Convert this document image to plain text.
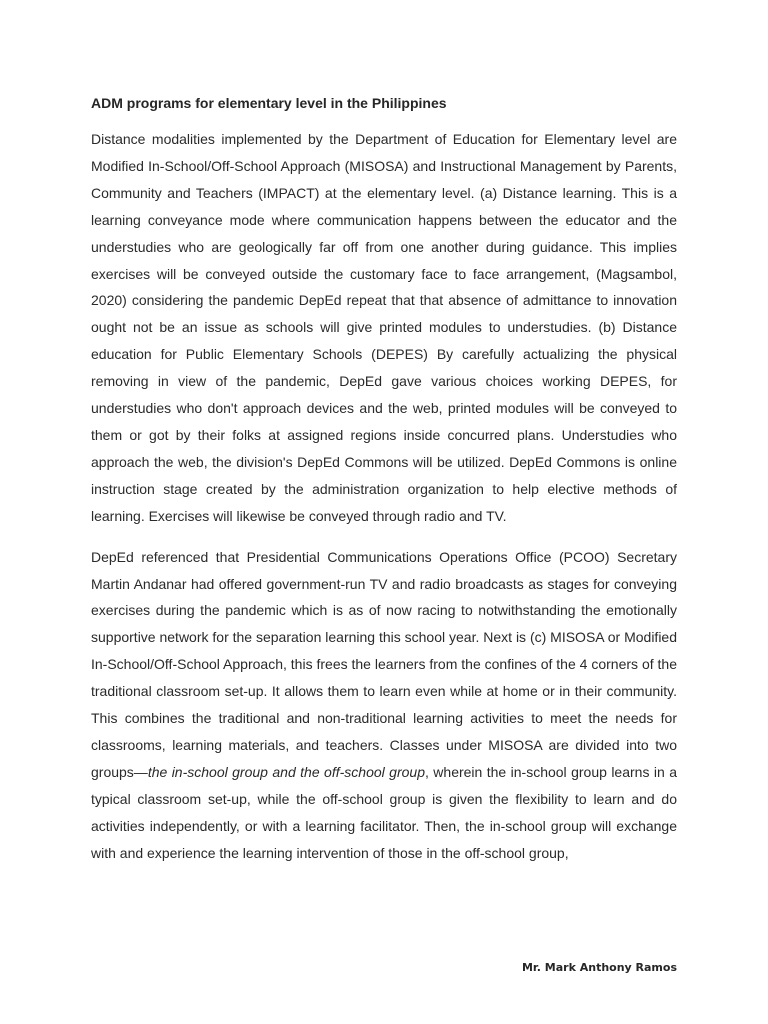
ADM programs for elementary level in the Philippines

Distance modalities implemented by the Department of Education for Elementary level are Modified In-School/Off-School Approach (MISOSA) and Instructional Management by Parents, Community and Teachers (IMPACT) at the elementary level. (a) Distance learning. This is a learning conveyance mode where communication happens between the educator and the understudies who are geologically far off from one another during guidance. This implies exercises will be conveyed outside the customary face to face arrangement, (Magsambol, 2020) considering the pandemic DepEd repeat that that absence of admittance to innovation ought not be an issue as schools will give printed modules to understudies. (b) Distance education for Public Elementary Schools (DEPES) By carefully actualizing the physical removing in view of the pandemic, DepEd gave various choices working DEPES, for understudies who don't approach devices and the web, printed modules will be conveyed to them or got by their folks at assigned regions inside concurred plans. Understudies who approach the web, the division's DepEd Commons will be utilized. DepEd Commons is online instruction stage created by the administration organization to help elective methods of learning. Exercises will likewise be conveyed through radio and TV.

DepEd referenced that Presidential Communications Operations Office (PCOO) Secretary Martin Andanar had offered government-run TV and radio broadcasts as stages for conveying exercises during the pandemic which is as of now racing to notwithstanding the emotionally supportive network for the separation learning this school year. Next is (c) MISOSA or Modified In-School/Off-School Approach, this frees the learners from the confines of the 4 corners of the traditional classroom set-up. It allows them to learn even while at home or in their community. This combines the traditional and non-traditional learning activities to meet the needs for classrooms, learning materials, and teachers. Classes under MISOSA are divided into two groups—the in-school group and the off-school group, wherein the in-school group learns in a typical classroom set-up, while the off-school group is given the flexibility to learn and do activities independently, or with a learning facilitator. Then, the in-school group will exchange with and experience the learning intervention of those in the off-school group,

Mr. Mark Anthony Ramos
